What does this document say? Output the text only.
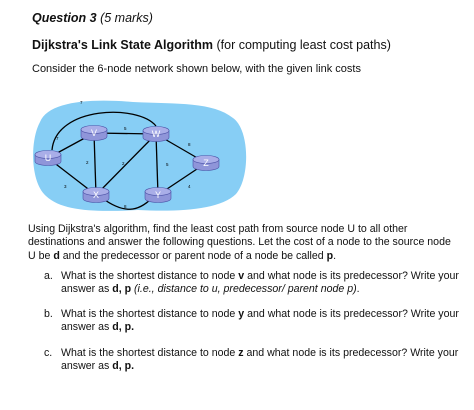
Question 3 (5 marks)
Dijkstra's Link State Algorithm (for computing least cost paths)
Consider the 6-node network shown below, with the given link costs
7
3
7
5
2	2
8
5
8
4
U
V	W
X	Y
Z
Using Dijkstra's algorithm, find the least cost path from source node U to all other destinations and answer the following questions. Let the cost of a node to the source node U be d and the predecessor or parent node of a node be called p.
a. What is the shortest distance to node v and what node is its predecessor? Write your answer as d, p (i.e., distance to u, predecessor/ parent node p).
b. What is the shortest distance to node y and what node is its predecessor? Write your answer as d, p.
c. What is the shortest distance to node z and what node is its predecessor? Write your answer as d, p.
